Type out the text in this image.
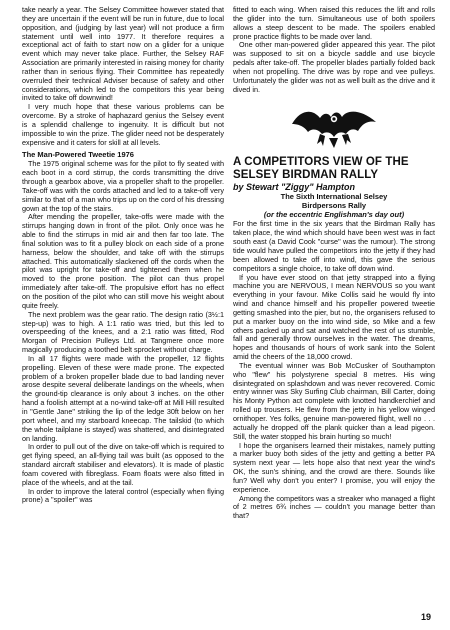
take nearly a year. The Selsey Committee however stated that they are uncertain if the event will be run in future, due to local opposition, and (judging by last year) will not produce a firm statement until well into 1977. It therefore requires a exceptional act of faith to start now on a glider for a unique event which may never take place. Further, the Selsey RAF Association are primarily interested in raising money for charity rather than in serious flying. Their Committee has repeatedly overruled their technical Adviser because of safety and other considerations, which led to the competitors this year being invited to take off downwind!

I very much hope that these various problems can be overcome. By a stroke of haphazard genius the Selsey event is a splendid challenge to ingenuity. It is difficult but not impossible to win the prize. The glider need not be desperately expensive and it caters for skill at all levels.

The Man-Powered Tweetie 1976

The 1975 original scheme was for the pilot to fly seated with each boot in a cord stirrup, the cords transmitting the drive through a gearbox above, via a propeller shaft to the propeller. Take-off was with the cords attached and led to a take-off very similar to that of a man who trips up on the cord of his dressing gown at the top of the stairs.

After mending the propeller, take-offs were made with the stirrups hanging down in front of the pilot. Only once was he able to find the stirrups in mid air and then far too late. The final solution was to fit a pulley block on each side of a prone harness, below the shoulder, and take off with the stirrups attached. This automatically slackened off the cords when the pilot was upright for take-off and tightened them when he moved to the prone position. The pilot can thus propel immediately after take-off. The propulsive effort has no effect on the position of the pilot who can still move his weight about quite freely.

The next problem was the gear ratio. The design ratio (3½:1 step-up) was to high. A 1:1 ratio was tried, but this led to overspeeding of the knees, and a 2:1 ratio was fitted, Rod Morgan of Precision Pulleys Ltd. at Tangmere once more magically producing a toothed belt sprocket without charge.

In all 17 flights were made with the propeller, 12 flights propelling. Eleven of these were made prone. The expected problem of a broken propeller blade due to bad landing never arose despite several deliberate landings on the wheels, when the ground-tip clearance is only about 3 inches. on the other hand a foolish attempt at a no-wind take-off at Mill Hill resulted in "Gentle Jane" striking the lip of the ledge 30ft below on her port wheel, and my starboard kneecap. The tailskid (to which the whole tailplane is stayed) was shattered, and disintegrated on landing.

In order to pull out of the dive on take-off which is required to get flying speed, an all-flying tail was built (as opposed to the standard aircraft stabiliser and elevators). It is made of plastic foam covered with fibreglass. Foam floats were also fitted in place of the wheels, and at the tail.

In order to improve the lateral control (especially when flying prone) a "spoiler" was

fitted to each wing. When raised this reduces the lift and rolls the glider into the turn. Simultaneous use of both spoilers allows a steep descent to be made. The spoilers enabled prone practice flights to be made over land.

One other man-powered glider appeared this year. The pilot was supposed to sit on a bicycle saddle and use bicycle pedals after take-off. The propeller blades partially folded back when not propelling. The drive was by rope and vee pulleys. Unfortunately the glider was not as well built as the drive and it dived in.

A COMPETITORS VIEW OF THE SELSEY BIRDMAN RALLY
by Stewart "Ziggy" Hampton
The Sixth International Selsey
Birdpersons Rally
(or the eccentric Englishman's day out)

For the first time in the six years that the Birdman Rally has taken place, the wind which should have been west was in fact south east (a David Cook "curse" was the rumour). The strong tide would have pulled the competitors into the jetty if they had been allowed to take off into wind, this gave the serious competitors a single choice, to take off down wind.

If you have ever stood on that jetty strapped into a flying machine you are NERVOUS, I mean NERVOUS so you want everything in your favour. Mike Collis said he would fly into wind and chance himself and his propeller powered tweetie getting smashed into the pier, but no, the organisers refused to put a marker buoy on the into wind side, so Mike and a few others packed up and sat and watched the rest of us stumble, fall and generally throw ourselves in the water. The dreams, hopes and thousands of hours of work sank into the Solent amid the cheers of the 18,000 crowd.

The eventual winner was Bob McCusker of Southampton who "flew" his polystyrene special 8 metres. His wing disintegrated on splashdown and was never recovered. Comic entry winner was Sky Surfing Club chairman, Bill Carter, doing his Monty Python act complete with knotted handkerchief and rolled up trousers. He flew from the jetty in his yellow winged ornithoper. Yes folks, genuine man-powered flight, well no . . . actually he dropped off the plank quicker than a lead pigeon. Still, the water stopped his brain hurting so much!

I hope the organisers learned their mistakes, namely putting a marker buoy both sides of the jetty and getting a better PA system next year — lets hope also that next year the wind's OK, the sun's shining, and the crowd are there. Sounds like fun? Well why don't you enter? I promise, you will enjoy the experience.

Among the competitors was a streaker who managed a flight of 2 metres 6¾ inches — couldn't you manage better than that?

19
